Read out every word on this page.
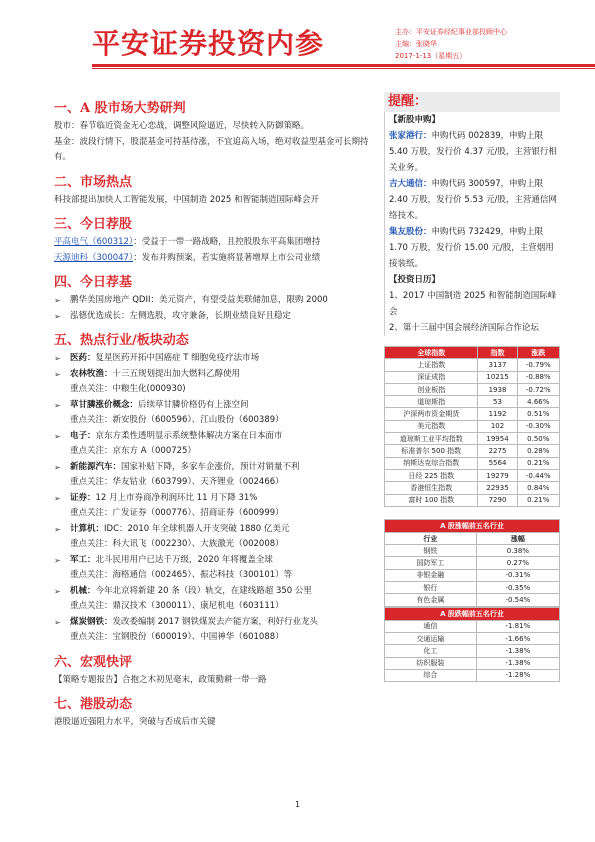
平安证券投资内参	主办：平安证券经纪事业部投顾中心
主编：张晓华
2017-1-13（星期五）
一、A 股市场大势研判
股市：春节临近资金无心恋战，调整风险逼近，尽快转入防御策略。
基金：波段行情下，股混基金可持基待涨，不宜追高入场，绝对收益型基金可长期持有。
二、市场热点
科技部提出加快人工智能发展，中国制造 2025 和智能制造国际峰会开
三、今日荐股
平高电气（600312）：受益于一带一路战略，且控股股东平高集团增持
天源迪科（300047）：发布并购预案，若实施将显著增厚上市公司业绩
四、今日荐基
➢ 鹏华美国房地产 QDII：美元资产，有望受益美联储加息，限购 2000
➢ 泓德优选成长：左侧选股，攻守兼备，长期业绩良好且稳定
五、热点行业/板块动态
➢ 医药：复星医药开拓中国癌症 T 细胞免疫疗法市场
➢ 农林牧渔：十三五规划提出加大燃料乙醇使用
重点关注：中粮生化(000930)
➢ 草甘膦涨价概念：后续草甘膦价格仍有上涨空间
重点关注：新安股份（600596）、江山股份（600389）
➢ 电子：京东方柔性透明显示系统整体解决方案在日本面市
重点关注：京东方 A（000725）
➢ 新能源汽车：国家补贴下降，多家车企涨价，预计对销量不利
重点关注：华友钴业（603799）、天齐锂业（002466）
➢ 证券：12 月上市券商净利润环比 11 月下降 31%
重点关注：广发证券（000776）、招商证券（600999）
➢ 计算机：IDC：2010 年全球机器人开支突破 1880 亿美元
重点关注：科大讯飞（002230）、大族激光（002008）
➢ 军工：北斗民用用户已达千万级，2020 年将覆盖全球
重点关注：海格通信（002465）、振芯科技（300101）等
➢ 机械：今年北京将新建 20 条（段）轨交，在建线路超 350 公里
重点关注：鼎汉技术（300011）、康尼机电（603111）
➢ 煤炭钢铁：发改委编制 2017 钢铁煤炭去产能方案，利好行业龙头
重点关注：宝钢股份（600019）、中国神华（601088）
六、宏观快评
【策略专题报告】合抱之木初见毫末，政策勤耕一带一路
七、港股动态
港股逼近强阻力水平，突破与否成后市关键
提醒：
【新股申购】
张家港行：申购代码 002839，申购上限 5.40 万股，发行价 4.37 元/股，主营银行相关业务。
吉大通信：申购代码 300597，申购上限 2.40 万股，发行价 5.53 元/股，主营通信网络技术。
集友股份：申购代码 732429，申购上限 1.70 万股，发行价 15.00 元/股，主营烟用接装纸。
【投资日历】
1、2017 中国制造 2025 和智能制造国际峰会
2、第十三届中国会展经济国际合作论坛
全球指数	指数	涨跌
上证指数	3137	-0.79%
深证成指	10215	-0.88%
创业板指	1938	-0.72%
道琼斯指	53	4.66%
沪深两市资金期货	1192	0.51%
美元指数	102	-0.30%
道琼斯工业平均指数	19954	0.50%
标准普尔 500 指数	2275	0.28%
纳斯达克综合指数	5564	0.21%
日经 225 指数	19279	-0.44%
香港恒生指数	22935	0.84%
富时 100 指数	7290	0.21%
A 股涨幅前五名行业	
行业	涨幅
钢铁	0.38%
国防军工	0.27%
非银金融	-0.31%
银行	-0.35%
有色金属	-0.54%
A 股跌幅前五名行业	
通信	-1.81%
交通运输	-1.66%
化工	-1.38%
纺织服装	-1.38%
综合	-1.28%
1
